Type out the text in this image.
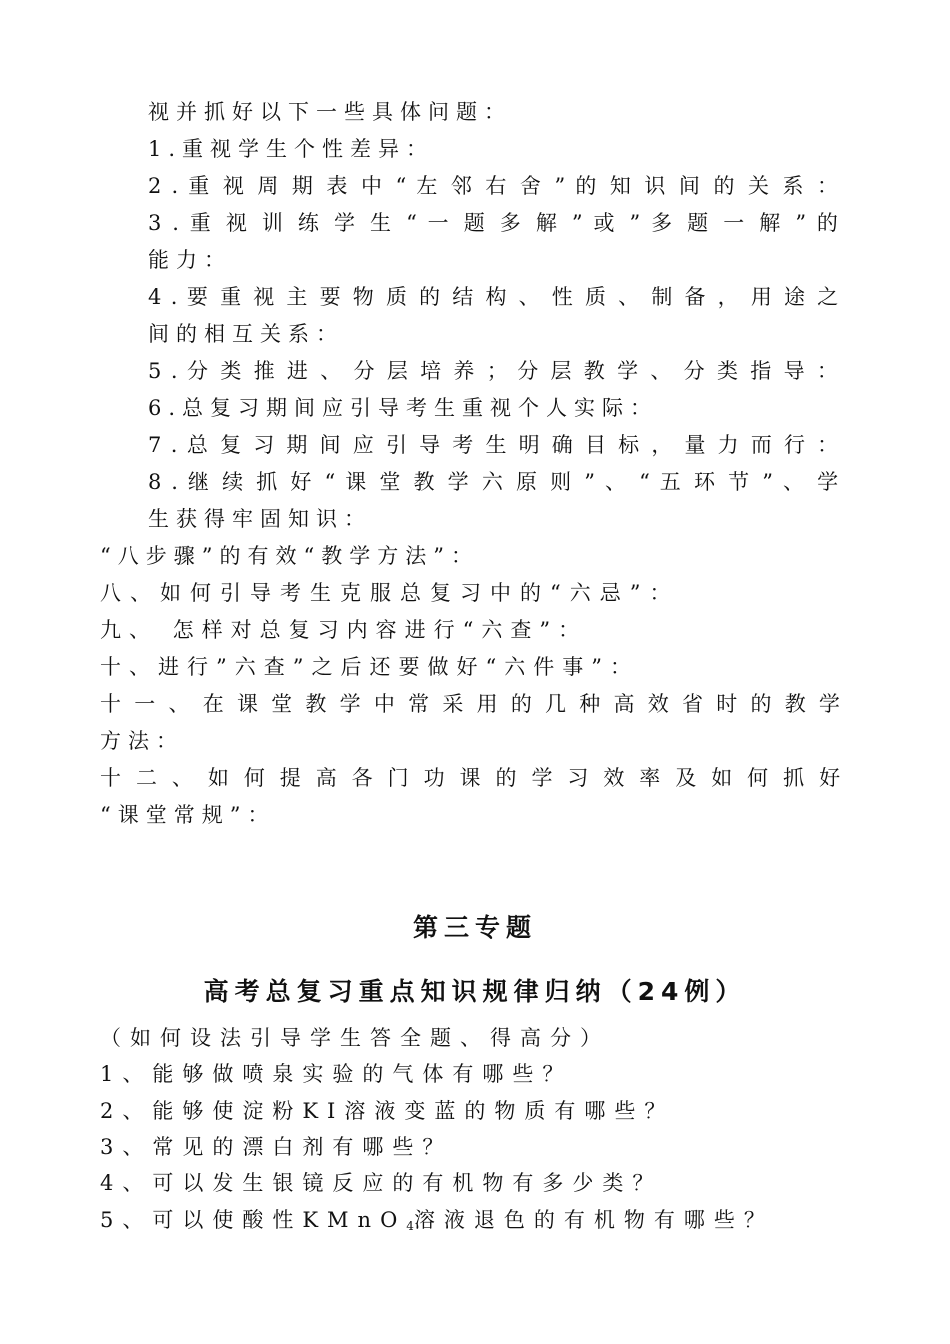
视并抓好以下一些具体问题：
1.重视学生个性差异：
2 . 重 视 周 期 表 中 “ 左 邻 右 舍 ” 的 知 识 间 的 关 系 ：
3 . 重 视 训 练 学 生 “ 一 题 多 解 ” 或 ” 多 题 一 解 ” 的
能力：
4 . 要 重 视 主 要 物 质 的 结 构 、 性 质 、 制 备 ， 用 途 之
间的相互关系：
5 . 分 类 推 进 、 分 层 培 养 ； 分 层 教 学 、 分 类 指 导 ：
6.总复习期间应引导考生重视个人实际：
7 . 总 复 习 期 间 应 引 导 考 生 明 确 目 标 ， 量 力 而 行 ：
8 . 继 续 抓 好 “ 课 堂 教 学 六 原 则 ” 、 “ 五 环 节 ” 、 学
生获得牢固知识：
“八步骤”的有效“教学方法”：
八、如何引导考生克服总复习中的“六忌”：
九、 怎样对总复习内容进行“六查”：
十、进行”六查”之后还要做好“六件事”：
十 一 、 在 课 堂 教 学 中 常 采 用 的 几 种 高 效 省 时 的 教 学
方法：
十 二 、 如 何 提 高 各 门 功 课 的 学 习 效 率 及 如 何 抓 好
“课堂常规”：
第三专题
高考总复习重点知识规律归纳（24例）
（如何设法引导学生答全题、得高分）
1、能够做喷泉实验的气体有哪些？
2、能够使淀粉KI溶液变蓝的物质有哪些？
3、常见的漂白剂有哪些？
4、可以发生银镜反应的有机物有多少类？
5、可以使酸性KMnO$_4$溶液退色的有机物有哪些？
